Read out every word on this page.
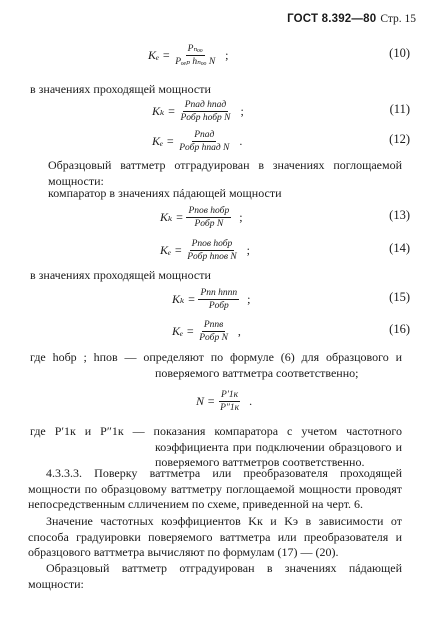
ГОСТ 8.392—80 Стр. 15
$K_e = \frac{\text{Pₙₒₒ}}{\text{Pₒₑₚ hₙₒₒ N}}$ ;	(10)
в значениях проходящей мощности
$K_k = \frac{\text{Pпад hпад}}{\text{Pобр hобр N}}$ ;	(11)
$K_e = \frac{\text{Pпад}}{\text{Pобр hпад N}}$ .	(12)
Образцовый ваттметр отградуирован в значениях поглощаемой мощности:
компаратор в значениях пáдающей мощности
$K_k = \frac{\text{Pпов hобр}}{\text{Pобр N}}$ ;	(13)
$K_e = \frac{\text{Pпов hобр}}{\text{Pобр hпов N}}$ ;	(14)
в значениях проходящей мощности
$K_k = \frac{\text{Pпп hппп}}{\text{Pобр}}$ ;	(15)
$K_e = \frac{\text{Pппв}}{\text{Pобр N}}$ ,	(16)
где hобр ; hпов — определяют по формуле (6) для образцового и поверяемого ваттметра соответственно;
$N = \frac{P'1к}{P''1к}$ .
где P′1к и P″1к — показания компаратора с учетом частотного коэффициента при подключении образцового и поверяемого ваттметров соответственно.
4.3.3.3. Поверку ваттметра или преобразователя проходящей мощности по образцовому ваттметру поглощаемой мощности проводят непосредственным слличением по схеме, приведенной на черт. 6.
Значение частотных коэффициентов Kк и Kэ в зависимости от способа градуировки поверяемого ваттметра или преобразователя и образцового ваттметра вычисляют по формулам (17) — (20).
Образцовый ваттметр отградуирован в значениях пáдающей мощности:
